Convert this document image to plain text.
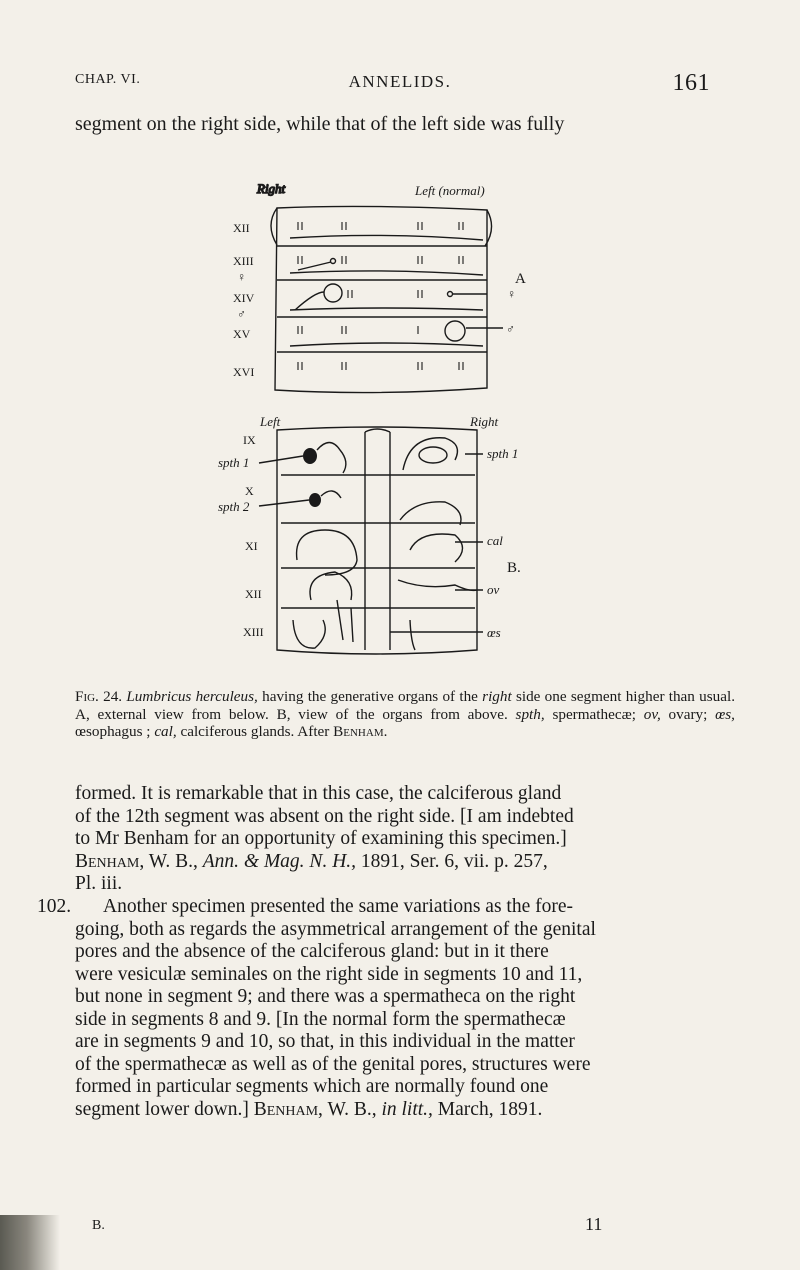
CHAP. VI.	ANNELIDS.	161
segment on the right side, while that of the left side was fully
Right	Left (normal)
XII
XIII
♀
XIV
♂
XV
XVI
♀
♂
A
Left	Right
IX
spth 1
X
spth 2
XI
XII
XIII
spth 1
cal
B.
ov
œs
Fig. 24. Lumbricus herculeus, having the generative organs of the right side one segment higher than usual. A, external view from below. B, view of the organs from above. spth, spermathecæ; ov, ovary; œs, œsophagus ; cal, calciferous glands. After Benham.
formed. It is remarkable that in this case, the calciferous gland
of the 12th segment was absent on the right side. [I am indebted
to Mr Benham for an opportunity of examining this specimen.]
Benham, W. B., Ann. & Mag. N. H., 1891, Ser. 6, vii. p. 257,
Pl. iii.
102.	Another specimen presented the same variations as the fore-
going, both as regards the asymmetrical arrangement of the genital
pores and the absence of the calciferous gland: but in it there
were vesiculæ seminales on the right side in segments 10 and 11,
but none in segment 9; and there was a spermatheca on the right
side in segments 8 and 9. [In the normal form the spermathecæ
are in segments 9 and 10, so that, in this individual in the matter
of the spermathecæ as well as of the genital pores, structures were
formed in particular segments which are normally found one
segment lower down.] Benham, W. B., in litt., March, 1891.
B.	11
